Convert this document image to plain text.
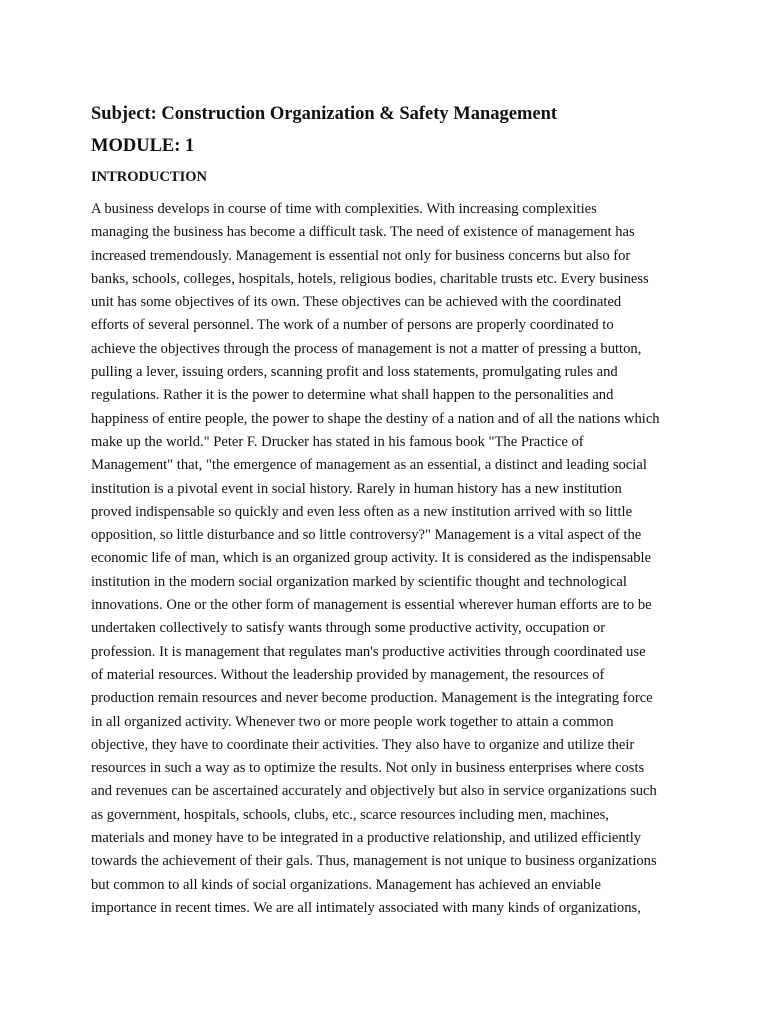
Subject: Construction Organization & Safety Management
MODULE: 1
INTRODUCTION
A business develops in course of time with complexities. With increasing complexities
managing the business has become a difficult task. The need of existence of management has
increased tremendously. Management is essential not only for business concerns but also for
banks, schools, colleges, hospitals, hotels, religious bodies, charitable trusts etc. Every business
unit has some objectives of its own. These objectives can be achieved with the coordinated
efforts of several personnel. The work of a number of persons are properly coordinated to
achieve the objectives through the process of management is not a matter of pressing a button,
pulling a lever, issuing orders, scanning profit and loss statements, promulgating rules and
regulations. Rather it is the power to determine what shall happen to the personalities and
happiness of entire people, the power to shape the destiny of a nation and of all the nations which
make up the world." Peter F. Drucker has stated in his famous book "The Practice of
Management" that, "the emergence of management as an essential, a distinct and leading social
institution is a pivotal event in social history. Rarely in human history has a new institution
proved indispensable so quickly and even less often as a new institution arrived with so little
opposition, so little disturbance and so little controversy?" Management is a vital aspect of the
economic life of man, which is an organized group activity. It is considered as the indispensable
institution in the modern social organization marked by scientific thought and technological
innovations. One or the other form of management is essential wherever human efforts are to be
undertaken collectively to satisfy wants through some productive activity, occupation or
profession. It is management that regulates man's productive activities through coordinated use
of material resources. Without the leadership provided by management, the resources of
production remain resources and never become production. Management is the integrating force
in all organized activity. Whenever two or more people work together to attain a common
objective, they have to coordinate their activities. They also have to organize and utilize their
resources in such a way as to optimize the results. Not only in business enterprises where costs
and revenues can be ascertained accurately and objectively but also in service organizations such
as government, hospitals, schools, clubs, etc., scarce resources including men, machines,
materials and money have to be integrated in a productive relationship, and utilized efficiently
towards the achievement of their gals. Thus, management is not unique to business organizations
but common to all kinds of social organizations. Management has achieved an enviable
importance in recent times. We are all intimately associated with many kinds of organizations,
